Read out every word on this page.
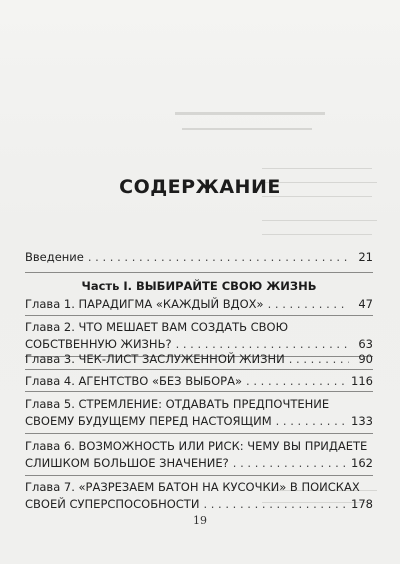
СОДЕРЖАНИЕ
Введение . . .	21
Часть I. ВЫБИРАЙТЕ СВОЮ ЖИЗНЬ
Глава 1. ПАРАДИГМА «КАЖДЫЙ ВДОХ» . . .	47
Глава 2. ЧТО МЕШАЕТ ВАМ СОЗДАТЬ СВОЮ
СОБСТВЕННУЮ ЖИЗНЬ? . . .	63
Глава 3. ЧЕК-ЛИСТ ЗАСЛУЖЕННОЙ ЖИЗНИ . . .	90
Глава 4. АГЕНТСТВО «БЕЗ ВЫБОРА» . . .	116
Глава 5. СТРЕМЛЕНИЕ: ОТДАВАТЬ ПРЕДПОЧТЕНИЕ
СВОЕМУ БУДУЩЕМУ ПЕРЕД НАСТОЯЩИМ . . .	133
Глава 6. ВОЗМОЖНОСТЬ ИЛИ РИСК: ЧЕМУ ВЫ ПРИДАЕТЕ
СЛИШКОМ БОЛЬШОЕ ЗНАЧЕНИЕ? . . .	162
Глава 7. «РАЗРЕЗАЕМ БАТОН НА КУСОЧКИ» В ПОИСКАХ
СВОЕЙ СУПЕРСПОСОБНОСТИ . . .	178
19
